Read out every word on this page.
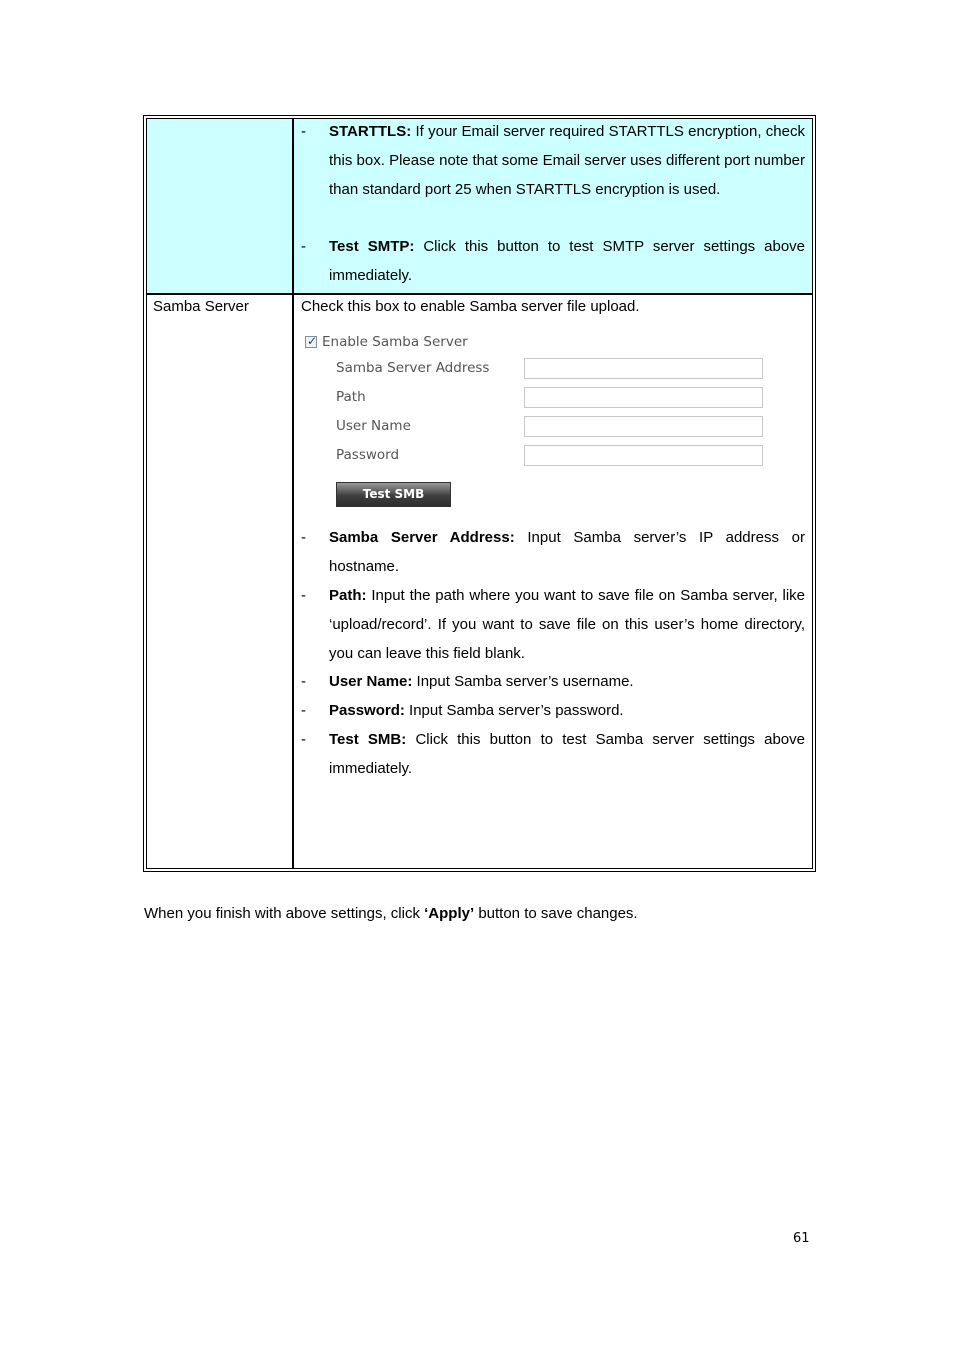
- STARTTLS: If your Email server required STARTTLS encryption, check this box. Please note that some Email server uses different port number than standard port 25 when STARTTLS encryption is used.
- Test SMTP: Click this button to test SMTP server settings above immediately.
Samba Server	Check this box to enable Samba server file upload.
✓ Enable Samba Server
Samba Server Address
Path
User Name
Password
Test SMB
- Samba Server Address: Input Samba server’s IP address or hostname.
- Path: Input the path where you want to save file on Samba server, like ‘upload/record’. If you want to save file on this user’s home directory, you can leave this field blank.
- User Name: Input Samba server’s username.
- Password: Input Samba server’s password.
- Test SMB: Click this button to test Samba server settings above immediately.
When you finish with above settings, click ‘Apply’ button to save changes.
61
